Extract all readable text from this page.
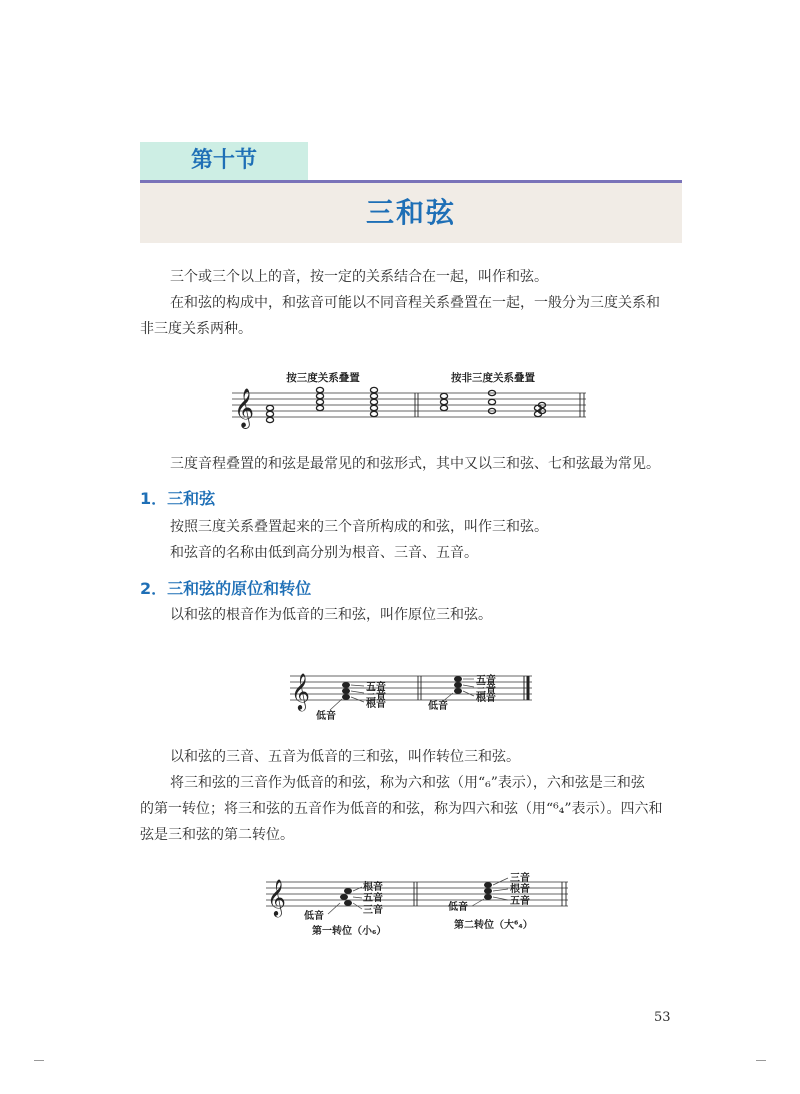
第十节
三和弦
三个或三个以上的音，按一定的关系结合在一起，叫作和弦。
在和弦的构成中，和弦音可能以不同音程关系叠置在一起，一般分为三度关系和
非三度关系两种。
按三度关系叠置	按非三度关系叠置
𝄞
三度音程叠置的和弦是最常见的和弦形式，其中又以三和弦、七和弦最为常见。
1．三和弦
按照三度关系叠置起来的三个音所构成的和弦，叫作三和弦。
和弦音的名称由低到高分别为根音、三音、五音。
2．三和弦的原位和转位
以和弦的根音作为低音的三和弦，叫作原位三和弦。
𝄞	五音
三音
根音
低音
五音
三音
根音
低音
以和弦的三音、五音为低音的三和弦，叫作转位三和弦。
将三和弦的三音作为低音的和弦，称为六和弦（用“₆”表示），六和弦是三和弦
的第一转位；将三和弦的五音作为低音的和弦，称为四六和弦（用“⁶₄”表示）。四六和
弦是三和弦的第二转位。
𝄞	根音
五音
三音
低音
第一转位（小₆）
三音
根音
五音
低音
第二转位（大⁶₄）
53
